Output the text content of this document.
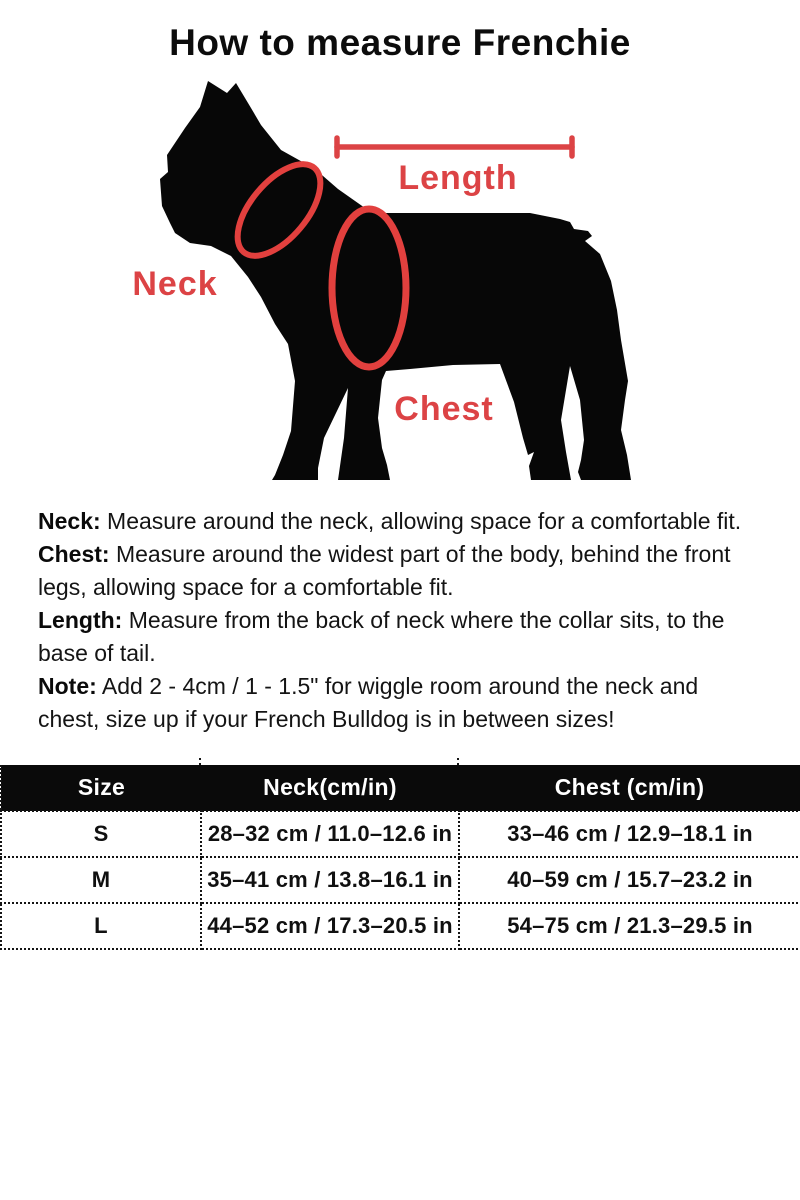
How to measure Frenchie
Length
Neck
Chest

Neck: Measure around the neck, allowing space for a comfortable fit.

Chest: Measure around the widest part of the body, behind the front legs, allowing space for a comfortable fit.

Length: Measure from the back of neck where the collar sits, to the base of tail.

Note: Add 2 - 4cm / 1 - 1.5" for wiggle room around the neck and chest, size up if your French Bulldog is in between sizes!

Size	Neck(cm/in)	Chest (cm/in)
S	28–32 cm / 11.0–12.6 in	33–46 cm / 12.9–18.1 in
M	35–41 cm / 13.8–16.1 in	40–59 cm / 15.7–23.2 in
L	44–52 cm / 17.3–20.5 in	54–75 cm / 21.3–29.5 in
